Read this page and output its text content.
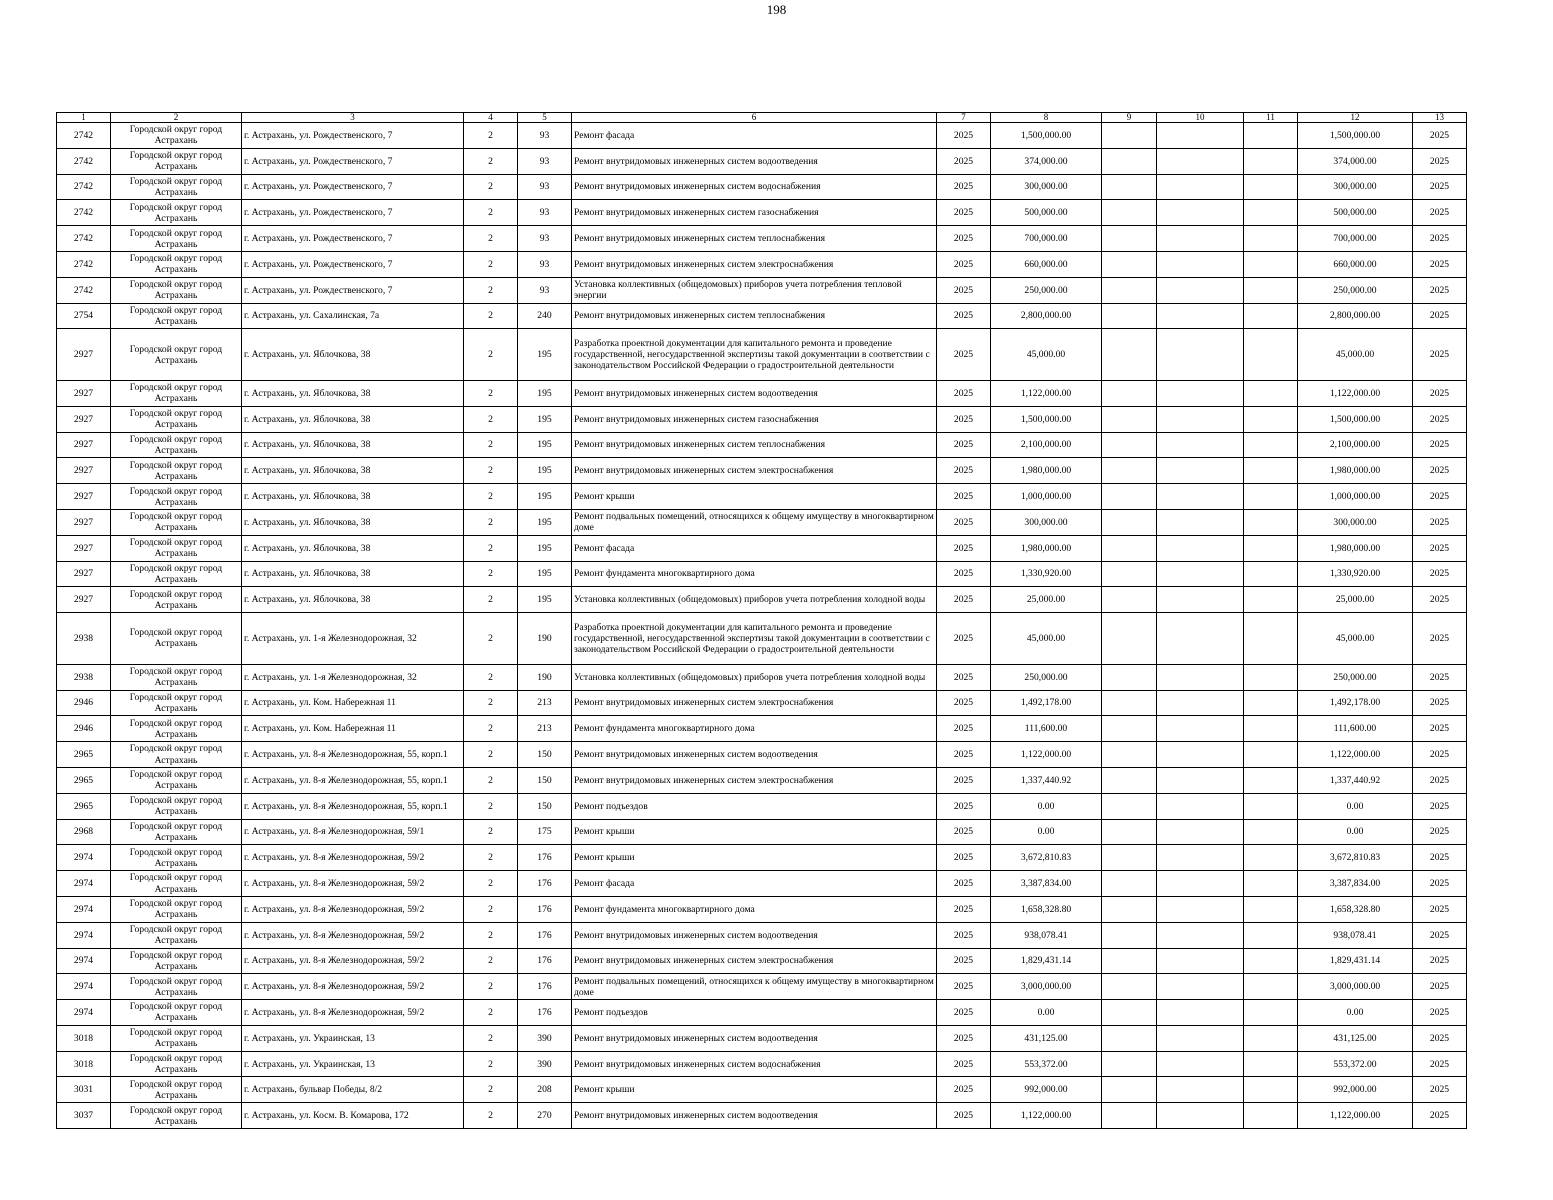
198
1	2	3	4	5	6	7	8	9	10	11	12	13
2742	Городской округ город Астрахань	г. Астрахань, ул. Рождественского, 7	2	93	Ремонт фасада	2025	1,500,000.00				1,500,000.00	2025
2742	Городской округ город Астрахань	г. Астрахань, ул. Рождественского, 7	2	93	Ремонт внутридомовых инженерных систем водоотведения	2025	374,000.00				374,000.00	2025
2742	Городской округ город Астрахань	г. Астрахань, ул. Рождественского, 7	2	93	Ремонт внутридомовых инженерных систем водоснабжения	2025	300,000.00				300,000.00	2025
2742	Городской округ город Астрахань	г. Астрахань, ул. Рождественского, 7	2	93	Ремонт внутридомовых инженерных систем газоснабжения	2025	500,000.00				500,000.00	2025
2742	Городской округ город Астрахань	г. Астрахань, ул. Рождественского, 7	2	93	Ремонт внутридомовых инженерных систем теплоснабжения	2025	700,000.00				700,000.00	2025
2742	Городской округ город Астрахань	г. Астрахань, ул. Рождественского, 7	2	93	Ремонт внутридомовых инженерных систем электроснабжения	2025	660,000.00				660,000.00	2025
2742	Городской округ город Астрахань	г. Астрахань, ул. Рождественского, 7	2	93	Установка коллективных (общедомовых) приборов учета потребления тепловой энергии	2025	250,000.00				250,000.00	2025
2754	Городской округ город Астрахань	г. Астрахань, ул. Сахалинская, 7а	2	240	Ремонт внутридомовых инженерных систем теплоснабжения	2025	2,800,000.00				2,800,000.00	2025
2927	Городской округ город Астрахань	г. Астрахань, ул. Яблочкова, 38	2	195	Разработка проектной документации для капитального ремонта и проведение государственной, негосударственной экспертизы такой документации в соответствии с законодательством Российской Федерации о градостроительной деятельности	2025	45,000.00				45,000.00	2025
2927	Городской округ город Астрахань	г. Астрахань, ул. Яблочкова, 38	2	195	Ремонт внутридомовых инженерных систем водоотведения	2025	1,122,000.00				1,122,000.00	2025
2927	Городской округ город Астрахань	г. Астрахань, ул. Яблочкова, 38	2	195	Ремонт внутридомовых инженерных систем газоснабжения	2025	1,500,000.00				1,500,000.00	2025
2927	Городской округ город Астрахань	г. Астрахань, ул. Яблочкова, 38	2	195	Ремонт внутридомовых инженерных систем теплоснабжения	2025	2,100,000.00				2,100,000.00	2025
2927	Городской округ город Астрахань	г. Астрахань, ул. Яблочкова, 38	2	195	Ремонт внутридомовых инженерных систем электроснабжения	2025	1,980,000.00				1,980,000.00	2025
2927	Городской округ город Астрахань	г. Астрахань, ул. Яблочкова, 38	2	195	Ремонт крыши	2025	1,000,000.00				1,000,000.00	2025
2927	Городской округ город Астрахань	г. Астрахань, ул. Яблочкова, 38	2	195	Ремонт подвальных помещений, относящихся к общему имуществу в многоквартирном доме	2025	300,000.00				300,000.00	2025
2927	Городской округ город Астрахань	г. Астрахань, ул. Яблочкова, 38	2	195	Ремонт фасада	2025	1,980,000.00				1,980,000.00	2025
2927	Городской округ город Астрахань	г. Астрахань, ул. Яблочкова, 38	2	195	Ремонт фундамента многоквартирного дома	2025	1,330,920.00				1,330,920.00	2025
2927	Городской округ город Астрахань	г. Астрахань, ул. Яблочкова, 38	2	195	Установка коллективных (общедомовых) приборов учета потребления холодной воды	2025	25,000.00				25,000.00	2025
2938	Городской округ город Астрахань	г. Астрахань, ул. 1-я Железнодорожная, 32	2	190	Разработка проектной документации для капитального ремонта и проведение государственной, негосударственной экспертизы такой документации в соответствии с законодательством Российской Федерации о градостроительной деятельности	2025	45,000.00				45,000.00	2025
2938	Городской округ город Астрахань	г. Астрахань, ул. 1-я Железнодорожная, 32	2	190	Установка коллективных (общедомовых) приборов учета потребления холодной воды	2025	250,000.00				250,000.00	2025
2946	Городской округ город Астрахань	г. Астрахань, ул. Ком. Набережная 11	2	213	Ремонт внутридомовых инженерных систем электроснабжения	2025	1,492,178.00				1,492,178.00	2025
2946	Городской округ город Астрахань	г. Астрахань, ул. Ком. Набережная 11	2	213	Ремонт фундамента многоквартирного дома	2025	111,600.00				111,600.00	2025
2965	Городской округ город Астрахань	г. Астрахань, ул. 8-я Железнодорожная, 55, корп.1	2	150	Ремонт внутридомовых инженерных систем водоотведения	2025	1,122,000.00				1,122,000.00	2025
2965	Городской округ город Астрахань	г. Астрахань, ул. 8-я Железнодорожная, 55, корп.1	2	150	Ремонт внутридомовых инженерных систем электроснабжения	2025	1,337,440.92				1,337,440.92	2025
2965	Городской округ город Астрахань	г. Астрахань, ул. 8-я Железнодорожная, 55, корп.1	2	150	Ремонт подъездов	2025	0.00				0.00	2025
2968	Городской округ город Астрахань	г. Астрахань, ул. 8-я Железнодорожная, 59/1	2	175	Ремонт крыши	2025	0.00				0.00	2025
2974	Городской округ город Астрахань	г. Астрахань, ул. 8-я Железнодорожная, 59/2	2	176	Ремонт крыши	2025	3,672,810.83				3,672,810.83	2025
2974	Городской округ город Астрахань	г. Астрахань, ул. 8-я Железнодорожная, 59/2	2	176	Ремонт фасада	2025	3,387,834.00				3,387,834.00	2025
2974	Городской округ город Астрахань	г. Астрахань, ул. 8-я Железнодорожная, 59/2	2	176	Ремонт фундамента многоквартирного дома	2025	1,658,328.80				1,658,328.80	2025
2974	Городской округ город Астрахань	г. Астрахань, ул. 8-я Железнодорожная, 59/2	2	176	Ремонт внутридомовых инженерных систем водоотведения	2025	938,078.41				938,078.41	2025
2974	Городской округ город Астрахань	г. Астрахань, ул. 8-я Железнодорожная, 59/2	2	176	Ремонт внутридомовых инженерных систем электроснабжения	2025	1,829,431.14				1,829,431.14	2025
2974	Городской округ город Астрахань	г. Астрахань, ул. 8-я Железнодорожная, 59/2	2	176	Ремонт подвальных помещений, относящихся к общему имуществу в многоквартирном доме	2025	3,000,000.00				3,000,000.00	2025
2974	Городской округ город Астрахань	г. Астрахань, ул. 8-я Железнодорожная, 59/2	2	176	Ремонт подъездов	2025	0.00				0.00	2025
3018	Городской округ город Астрахань	г. Астрахань, ул. Украинская, 13	2	390	Ремонт внутридомовых инженерных систем водоотведения	2025	431,125.00				431,125.00	2025
3018	Городской округ город Астрахань	г. Астрахань, ул. Украинская, 13	2	390	Ремонт внутридомовых инженерных систем водоснабжения	2025	553,372.00				553,372.00	2025
3031	Городской округ город Астрахань	г. Астрахань, бульвар Победы, 8/2	2	208	Ремонт крыши	2025	992,000.00				992,000.00	2025
3037	Городской округ город Астрахань	г. Астрахань, ул. Косм. В. Комарова, 172	2	270	Ремонт внутридомовых инженерных систем водоотведения	2025	1,122,000.00				1,122,000.00	2025
